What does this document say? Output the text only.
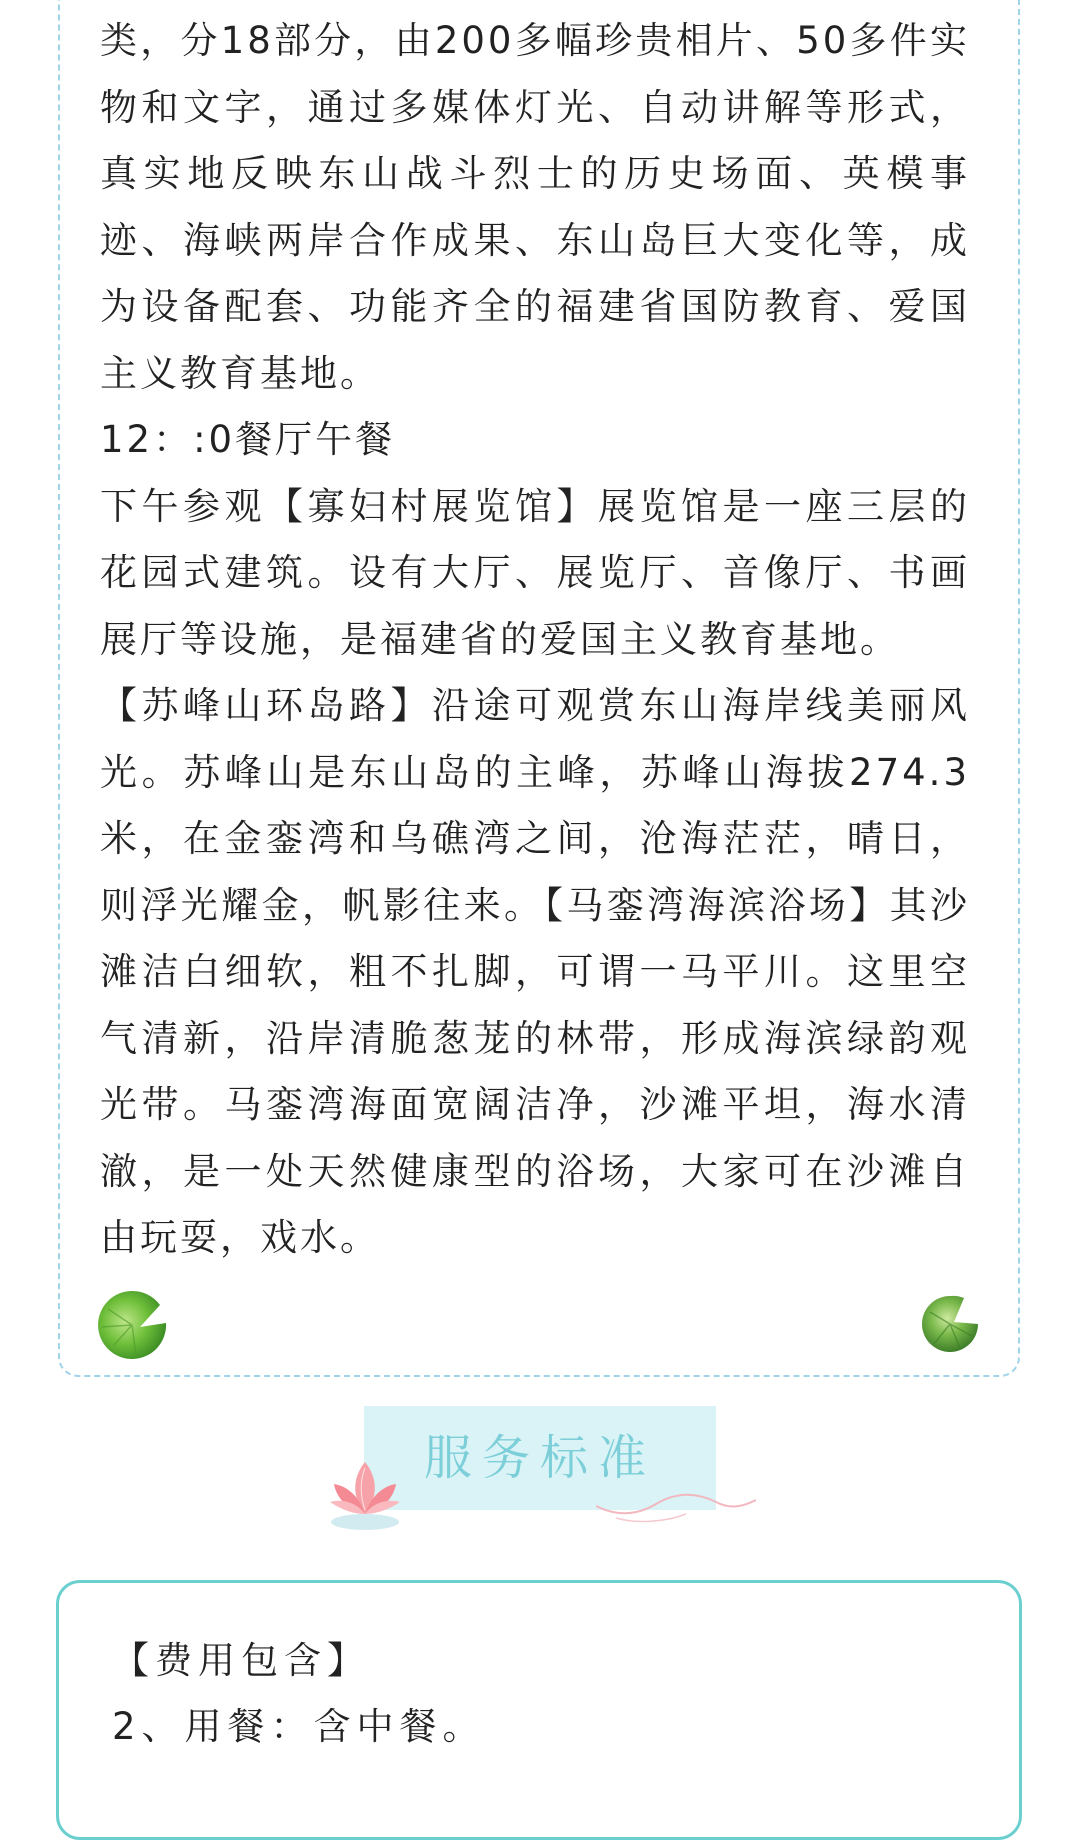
类，分18部分，由200多幅珍贵相片、50多件实物和文字，通过多媒体灯光、自动讲解等形式，真实地反映东山战斗烈士的历史场面、英模事迹、海峡两岸合作成果、东山岛巨大变化等，成为设备配套、功能齐全的福建省国防教育、爱国主义教育基地。

12：:0餐厅午餐

下午参观【寡妇村展览馆】展览馆是一座三层的花园式建筑。设有大厅、展览厅、音像厅、书画展厅等设施，是福建省的爱国主义教育基地。

【苏峰山环岛路】沿途可观赏东山海岸线美丽风光。苏峰山是东山岛的主峰，苏峰山海拔274.3米，在金銮湾和乌礁湾之间，沧海茫茫，晴日，则浮光耀金，帆影往来。【马銮湾海滨浴场】其沙滩洁白细软，粗不扎脚，可谓一马平川。这里空气清新，沿岸清脆葱茏的林带，形成海滨绿韵观光带。马銮湾海面宽阔洁净，沙滩平坦，海水清澈，是一处天然健康型的浴场，大家可在沙滩自由玩耍，戏水。

服务标准

【费用包含】

2、用餐：含中餐。
